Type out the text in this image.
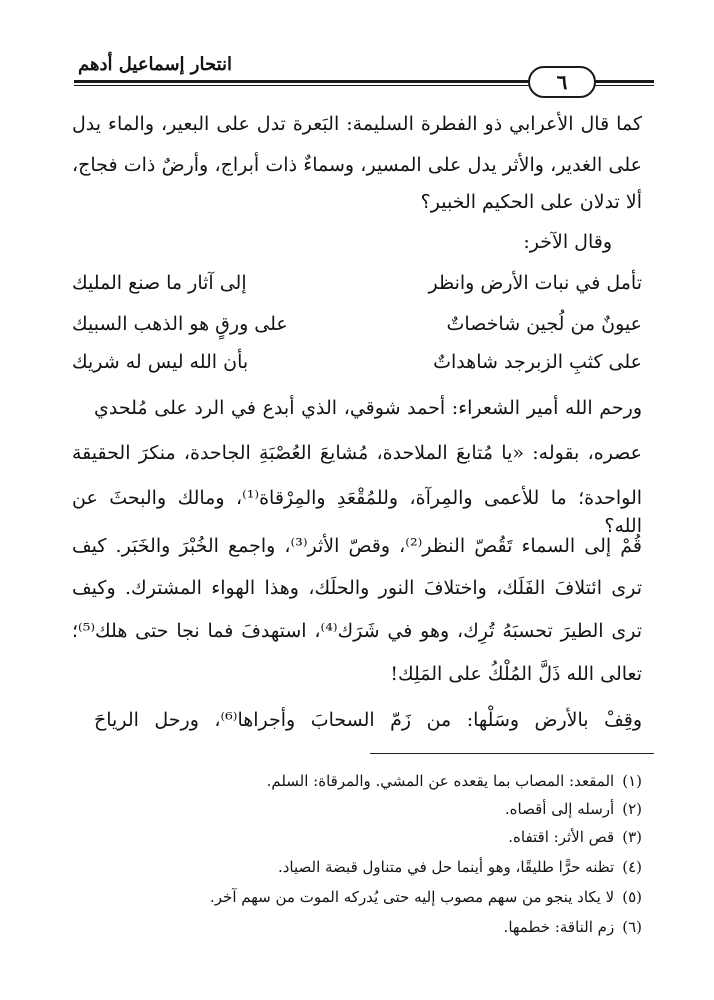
انتحار إسماعيل أدهم
٦
كما قال الأعرابي ذو الفطرة السليمة: البَعرة تدل على البعير، والماء يدل
على الغدير، والأثر يدل على المسير، وسماءٌ ذات أبراج، وأرضٌ ذات فجاج،
ألا تدلان على الحكيم الخبير؟
وقال الآخر:
تأمل في نبات الأرض وانظر
إلى آثار ما صنع المليك
عيونٌ من لُجين شاخصاتٌ
على ورقٍ هو الذهب السبيك
على كثبِ الزبرجد شاهداتٌ
بأن الله ليس له شريك
ورحم الله أمير الشعراء: أحمد شوقي، الذي أبدع في الرد على مُلحدي
عصره، بقوله: «يا مُتابعَ الملاحدة، مُشايعَ العُصْبَةِ الجاحدة، منكرَ الحقيقة
الواحدة؛ ما للأعمى والمِرآة، وللمُقْعَدِ والمِرْقاة⁽¹⁾، ومالك والبحثَ عن الله؟
قُمْ إلى السماء تَقُصّ النظر⁽²⁾، وقصّ الأثر⁽³⁾، واجمع الخُبْرَ والخَبَر. كيف
ترى ائتلافَ الفَلَك، واختلافَ النور والحلَك، وهذا الهواء المشترك. وكيف
ترى الطيرَ تحسبَهُ تُرِك، وهو في شَرَك⁽⁴⁾، استهدفَ فما نجا حتى هلك⁽⁵⁾؛
تعالى الله ذَلَّ المُلْكُ على المَلِك!
وقِفْ بالأرض وسَلْها: من زَمّ السحابَ وأجراها⁽⁶⁾، ورحل الرياحَ
(١)المقعد: المصاب بما يقعده عن المشي. والمرقاة: السلم.
(٢)أرسله إلى أقصاه.
(٣)قص الأثر: اقتفاه.
(٤)تظنه حرًّا طليقًا، وهو أينما حل في متناول قبضة الصياد.
(٥)لا يكاد ينجو من سهم مصوب إليه حتى يُدركه الموت من سهم آخر.
(٦)زم الناقة: خطمها.
